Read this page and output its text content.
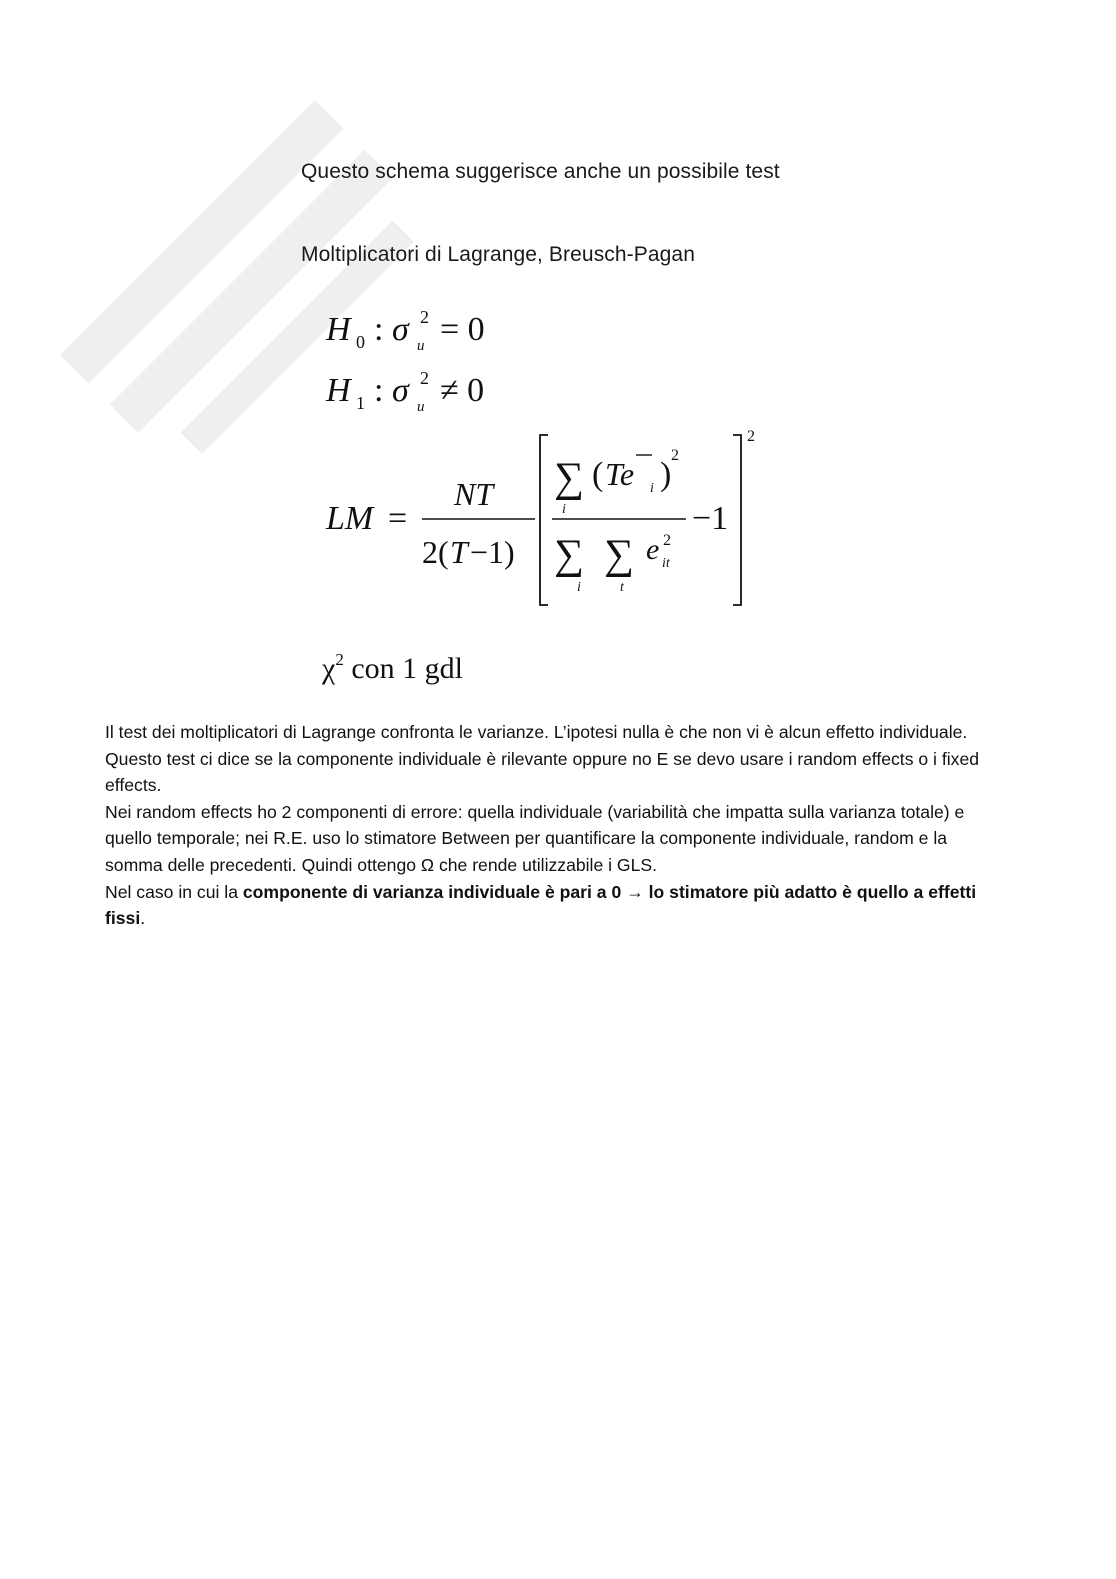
Questo schema suggerisce anche un possibile test
Moltiplicatori di Lagrange, Breusch-Pagan
H 0 : σ 2
u = 0
H 1 : σ 2
u ≠ 0
LM =
NT
2( T −1)
∑
i
( Te i )
2
∑
i
∑
t
e 2
it
−1
2
$\chi^2$ con 1 gdl

Il test dei moltiplicatori di Lagrange confronta le varianze. L’ipotesi nulla è che non vi è alcun effetto individuale.

Questo test ci dice se la componente individuale è rilevante oppure no E se devo usare i random effects o i fixed effects.

Nei random effects ho 2 componenti di errore: quella individuale (variabilità che impatta sulla varianza totale) e quello temporale; nei R.E. uso lo stimatore Between per quantificare la componente individuale, random e la somma delle precedenti. Quindi ottengo Ω che rende utilizzabile i GLS.

Nel caso in cui la componente di varianza individuale è pari a 0 → lo stimatore più adatto è quello a effetti fissi.
